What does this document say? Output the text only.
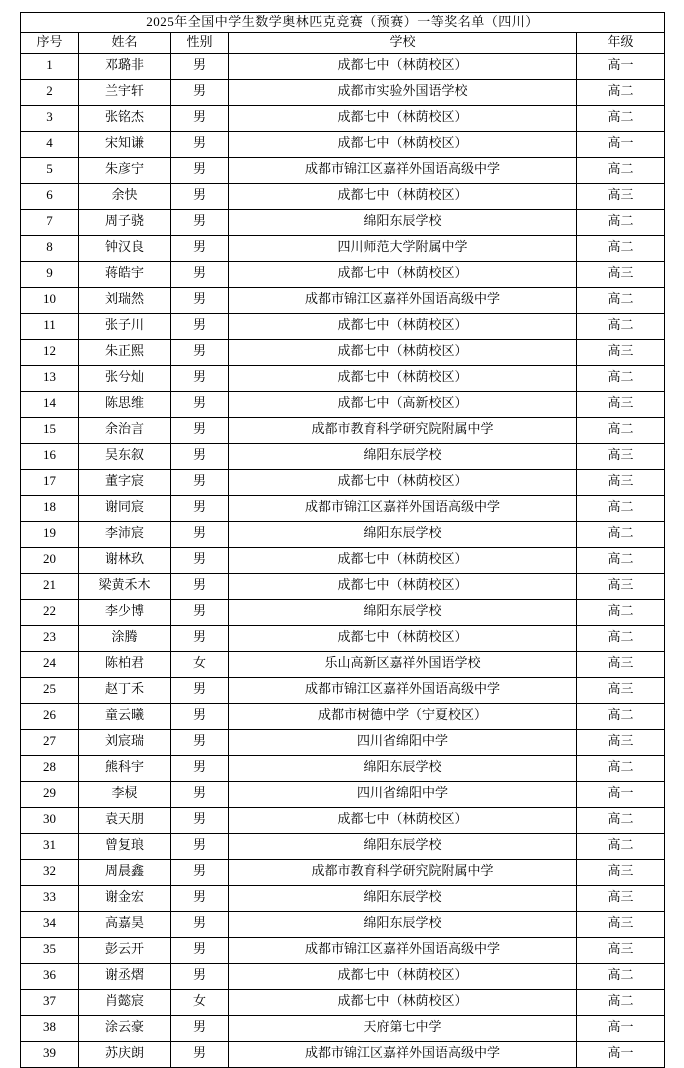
2025年全国中学生数学奥林匹克竞赛（预赛）一等奖名单（四川）				
序号	姓名	性别	学校	年级
1	邓璐非	男	成都七中（林荫校区）	高一
2	兰宇轩	男	成都市实验外国语学校	高二
3	张铭杰	男	成都七中（林荫校区）	高二
4	宋知谦	男	成都七中（林荫校区）	高一
5	朱彦宁	男	成都市锦江区嘉祥外国语高级中学	高二
6	余快	男	成都七中（林荫校区）	高三
7	周子骁	男	绵阳东辰学校	高二
8	钟汉良	男	四川师范大学附属中学	高二
9	蒋皓宇	男	成都七中（林荫校区）	高三
10	刘瑞然	男	成都市锦江区嘉祥外国语高级中学	高二
11	张子川	男	成都七中（林荫校区）	高二
12	朱正熙	男	成都七中（林荫校区）	高三
13	张兮灿	男	成都七中（林荫校区）	高二
14	陈思维	男	成都七中（高新校区）	高三
15	余治言	男	成都市教育科学研究院附属中学	高二
16	吴东叙	男	绵阳东辰学校	高三
17	董字宸	男	成都七中（林荫校区）	高三
18	谢同宸	男	成都市锦江区嘉祥外国语高级中学	高二
19	李沛宸	男	绵阳东辰学校	高二
20	谢林玖	男	成都七中（林荫校区）	高二
21	梁黄禾木	男	成都七中（林荫校区）	高三
22	李少博	男	绵阳东辰学校	高二
23	涂腾	男	成都七中（林荫校区）	高二
24	陈柏君	女	乐山高新区嘉祥外国语学校	高三
25	赵丁禾	男	成都市锦江区嘉祥外国语高级中学	高三
26	童云曦	男	成都市树德中学（宁夏校区）	高二
27	刘宸瑞	男	四川省绵阳中学	高三
28	熊科宇	男	绵阳东辰学校	高二
29	李棂	男	四川省绵阳中学	高一
30	袁天朋	男	成都七中（林荫校区）	高二
31	曾复琅	男	绵阳东辰学校	高二
32	周晨鑫	男	成都市教育科学研究院附属中学	高三
33	谢金宏	男	绵阳东辰学校	高三
34	高嘉昊	男	绵阳东辰学校	高三
35	彭云开	男	成都市锦江区嘉祥外国语高级中学	高三
36	谢丞熠	男	成都七中（林荫校区）	高二
37	肖懿宸	女	成都七中（林荫校区）	高二
38	涂云豪	男	天府第七中学	高一
39	苏庆朗	男	成都市锦江区嘉祥外国语高级中学	高一
